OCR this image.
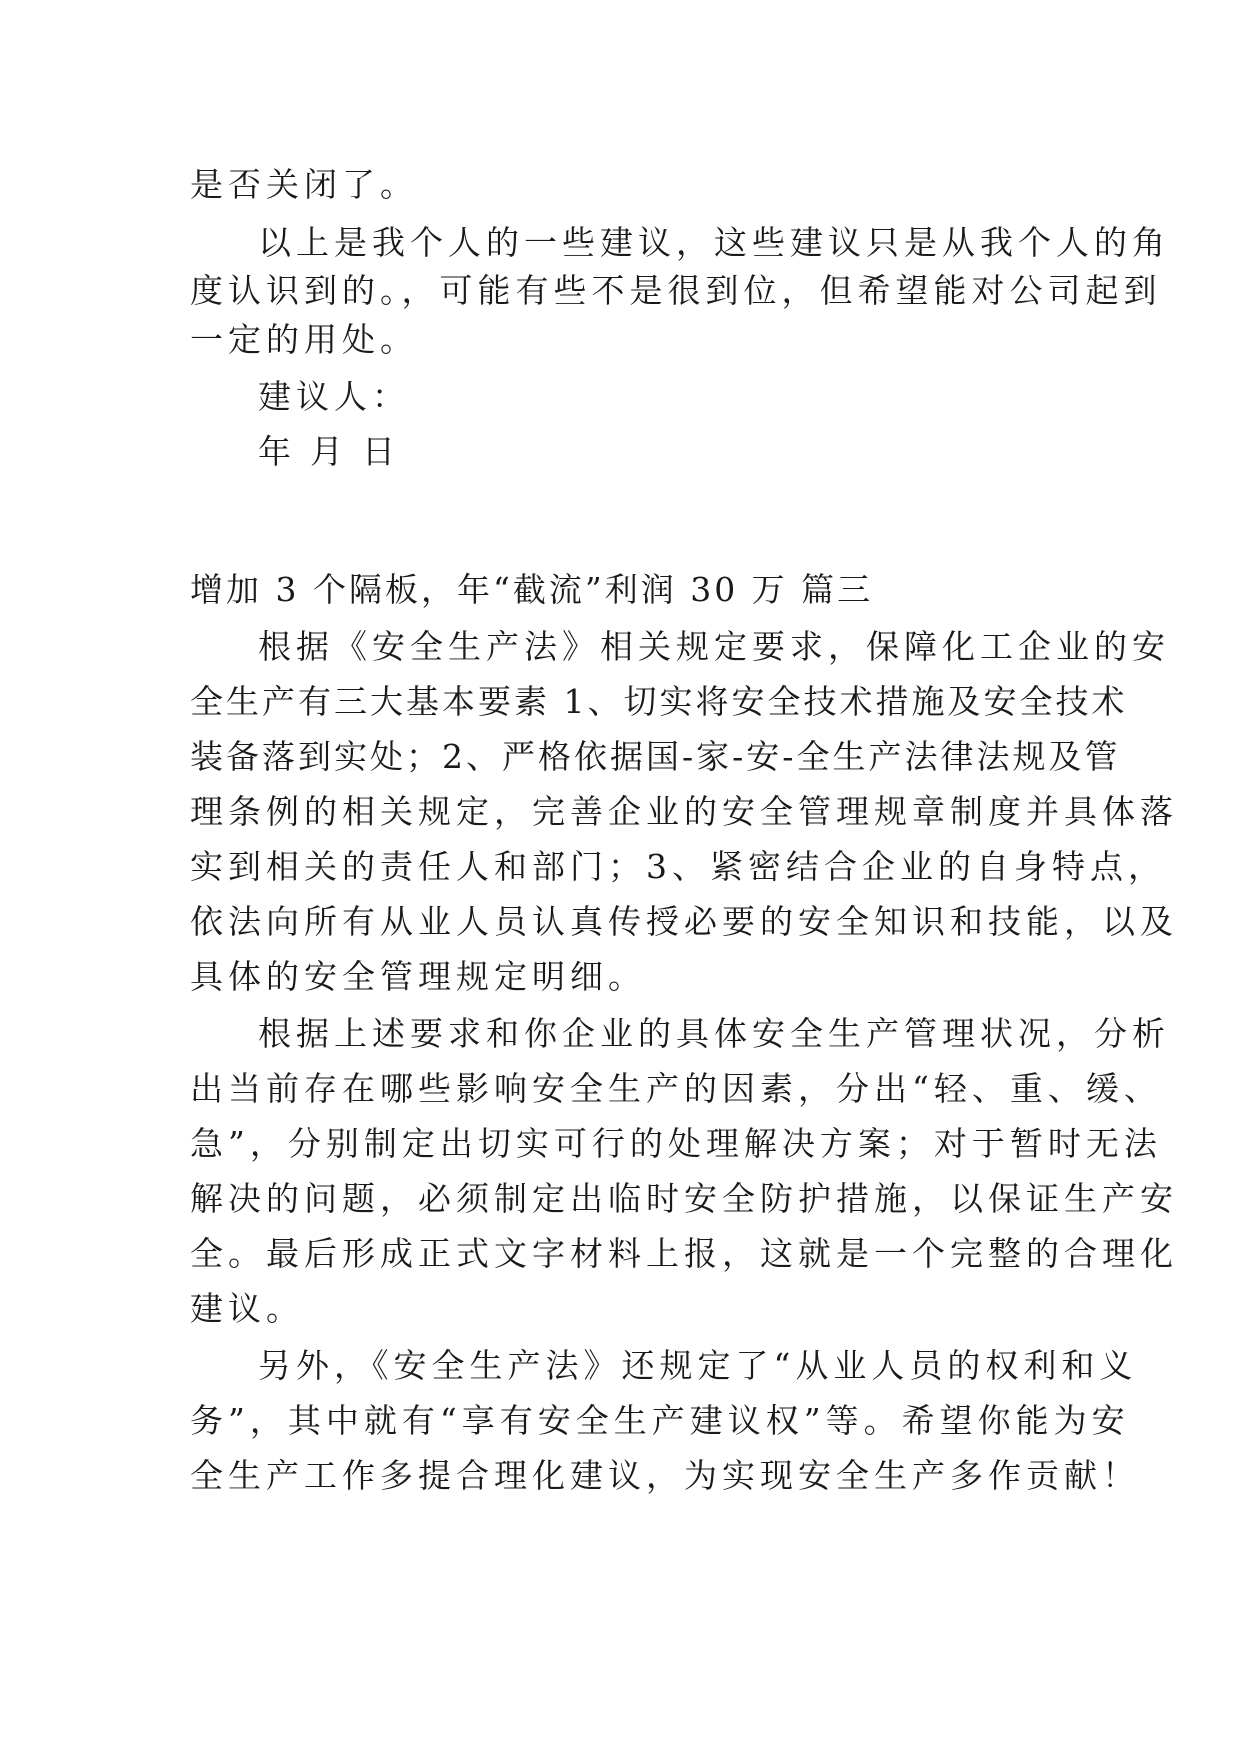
是否关闭了。
以上是我个人的一些建议，这些建议只是从我个人的角
度认识到的。，可能有些不是很到位，但希望能对公司起到
一定的用处。
建议人：
年 月 日
增加 3 个隔板，年“截流”利润 30 万 篇三
根据《安全生产法》相关规定要求，保障化工企业的安
全生产有三大基本要素 1、切实将安全技术措施及安全技术
装备落到实处；2、严格依据国-家-安-全生产法律法规及管
理条例的相关规定，完善企业的安全管理规章制度并具体落
实到相关的责任人和部门；3、紧密结合企业的自身特点，
依法向所有从业人员认真传授必要的安全知识和技能，以及
具体的安全管理规定明细。
根据上述要求和你企业的具体安全生产管理状况，分析
出当前存在哪些影响安全生产的因素，分出“轻、重、缓、
急”，分别制定出切实可行的处理解决方案；对于暂时无法
解决的问题，必须制定出临时安全防护措施，以保证生产安
全。最后形成正式文字材料上报，这就是一个完整的合理化
建议。
另外，《安全生产法》还规定了“从业人员的权利和义
务”，其中就有“享有安全生产建议权”等。希望你能为安
全生产工作多提合理化建议，为实现安全生产多作贡献！
